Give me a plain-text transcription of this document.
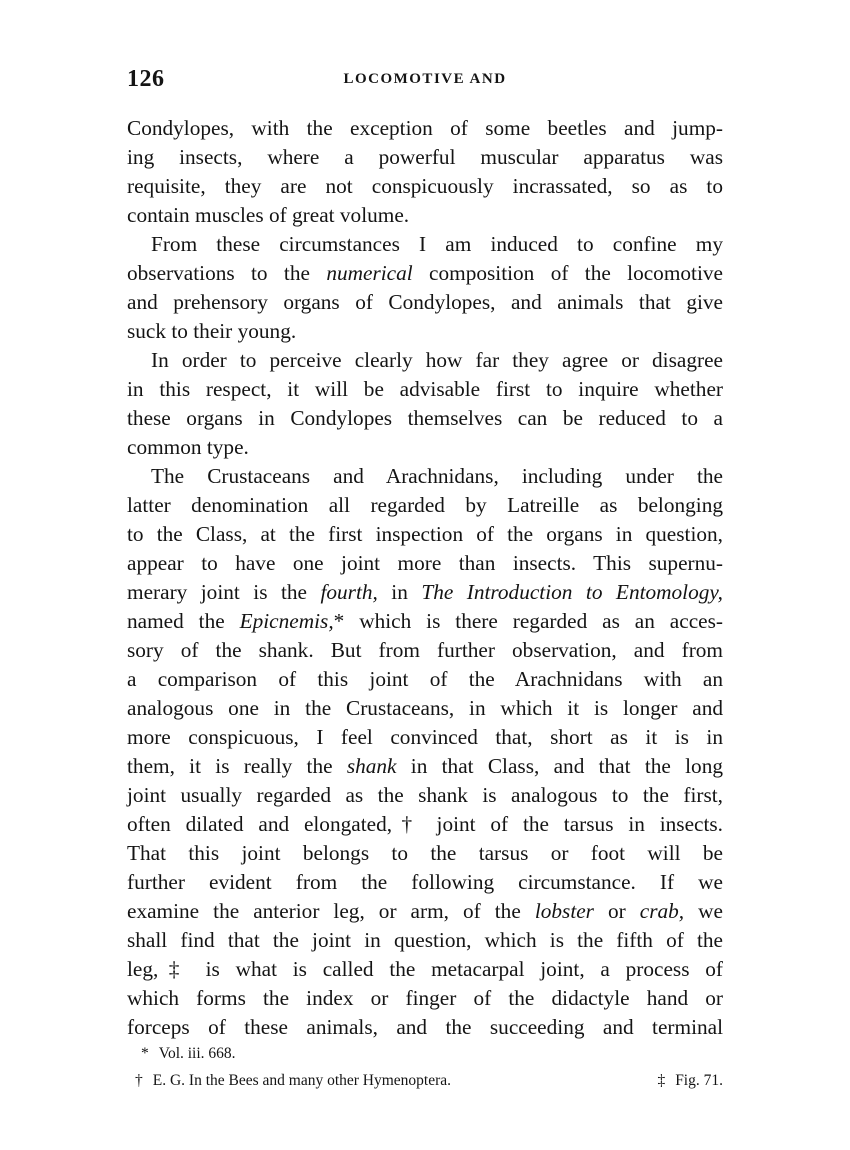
126	LOCOMOTIVE AND
Condylopes, with the exception of some beetles and jump-
ing insects, where a powerful muscular apparatus was
requisite, they are not conspicuously incrassated, so as to
contain muscles of great volume.
From these circumstances I am induced to confine my
observations to the numerical composition of the locomotive
and prehensory organs of Condylopes, and animals that give
suck to their young.
In order to perceive clearly how far they agree or disagree
in this respect, it will be advisable first to inquire whether
these organs in Condylopes themselves can be reduced to a
common type.
The Crustaceans and Arachnidans, including under the
latter denomination all regarded by Latreille as belonging
to the Class, at the first inspection of the organs in question,
appear to have one joint more than insects. This supernu-
merary joint is the fourth, in The Introduction to Entomology,
named the Epicnemis,* which is there regarded as an acces-
sory of the shank. But from further observation, and from
a comparison of this joint of the Arachnidans with an
analogous one in the Crustaceans, in which it is longer and
more conspicuous, I feel convinced that, short as it is in
them, it is really the shank in that Class, and that the long
joint usually regarded as the shank is analogous to the first,
often dilated and elongated,† joint of the tarsus in insects.
That this joint belongs to the tarsus or foot will be
further evident from the following circumstance. If we
examine the anterior leg, or arm, of the lobster or crab, we
shall find that the joint in question, which is the fifth of the
leg,‡ is what is called the metacarpal joint, a process of
which forms the index or finger of the didactyle hand or
forceps of these animals, and the succeeding and terminal
* Vol. iii. 668.
† E. G. In the Bees and many other Hymenoptera.	‡ Fig. 71.
